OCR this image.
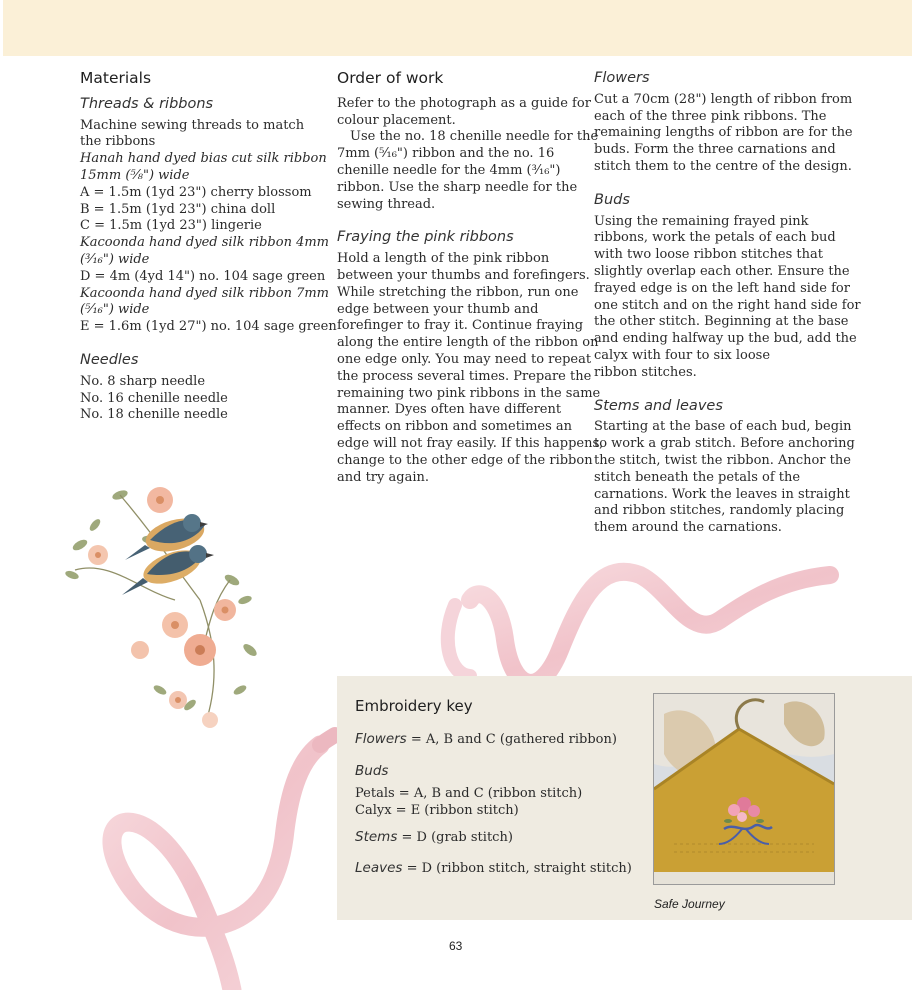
Materials
Threads & ribbons
Machine sewing threads to match
the ribbons
Hanah hand dyed bias cut silk ribbon
15mm (⅝") wide
A = 1.5m (1yd 23") cherry blossom
B = 1.5m (1yd 23") china doll
C = 1.5m (1yd 23") lingerie
Kacoonda hand dyed silk ribbon 4mm
(³⁄₁₆") wide
D = 4m (4yd 14") no. 104 sage green
Kacoonda hand dyed silk ribbon 7mm
(⁵⁄₁₆") wide
E = 1.6m (1yd 27") no. 104 sage green
Needles
No. 8 sharp needle
No. 16 chenille needle
No. 18 chenille needle
Order of work
Refer to the photograph as a guide for
colour placement.
Use the no. 18 chenille needle for the
7mm (⁵⁄₁₆") ribbon and the no. 16
chenille needle for the 4mm (³⁄₁₆")
ribbon. Use the sharp needle for the
sewing thread.
Fraying the pink ribbons
Hold a length of the pink ribbon
between your thumbs and forefingers.
While stretching the ribbon, run one
edge between your thumb and
forefinger to fray it. Continue fraying
along the entire length of the ribbon on
one edge only. You may need to repeat
the process several times. Prepare the
remaining two pink ribbons in the same
manner. Dyes often have different
effects on ribbon and sometimes an
edge will not fray easily. If this happens,
change to the other edge of the ribbon
and try again.
Flowers
Cut a 70cm (28") length of ribbon from
each of the three pink ribbons. The
remaining lengths of ribbon are for the
buds. Form the three carnations and
stitch them to the centre of the design.
Buds
Using the remaining frayed pink
ribbons, work the petals of each bud
with two loose ribbon stitches that
slightly overlap each other. Ensure the
frayed edge is on the left hand side for
one stitch and on the right hand side for
the other stitch. Beginning at the base
and ending halfway up the bud, add the
calyx with four to six loose
ribbon stitches.
Stems and leaves
Starting at the base of each bud, begin
to work a grab stitch. Before anchoring
the stitch, twist the ribbon. Anchor the
stitch beneath the petals of the
carnations. Work the leaves in straight
and ribbon stitches, randomly placing
them around the carnations.
Embroidery key
Flowers = A, B and C (gathered ribbon)
Buds
Petals = A, B and C (ribbon stitch)
Calyx = E (ribbon stitch)
Stems = D (grab stitch)
Leaves = D (ribbon stitch, straight stitch)
Safe Journey
63
